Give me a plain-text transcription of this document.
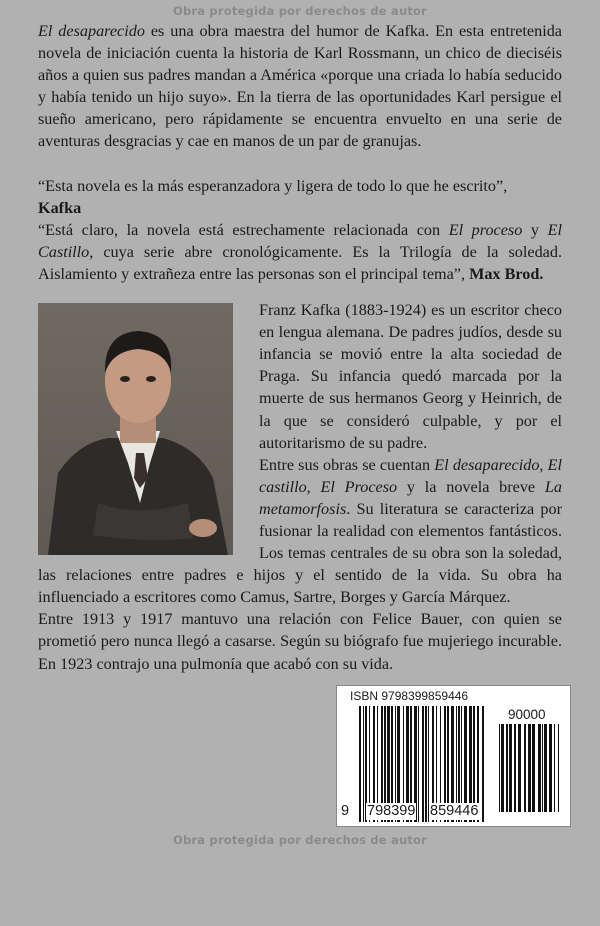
Obra protegida por derechos de autor

El desaparecido es una obra maestra del humor de Kafka. En esta entretenida novela de iniciación cuenta la historia de Karl Rossmann, un chico de dieciséis años a quien sus padres mandan a América «porque una criada lo había seducido y había tenido un hijo suyo». En la tierra de las oportunidades Karl persigue el sueño americano, pero rápidamente se encuentra envuelto en una serie de aventuras desgracias y cae en manos de un par de granujas.

“Esta novela es la más esperanzadora y ligera de todo lo que he escrito”,
Kafka

“Está claro, la novela está estrechamente relacionada con El proceso y El Castillo, cuya serie abre cronológicamente. Es la Trilogía de la soledad. Aislamiento y extrañeza entre las personas son el principal tema”, Max Brod.

Franz Kafka (1883-1924) es un escritor checo en lengua alemana. De padres judíos, desde su infancia se movió entre la alta sociedad de Praga. Su infancia quedó marcada por la muerte de sus hermanos Georg y Heinrich, de la que se consideró culpable, y por el autoritarismo de su padre.

Entre sus obras se cuentan El desaparecido, El castillo, El Proceso y la novela breve La metamorfosis. Su literatura se caracteriza por fusionar la realidad con elementos fantásticos. Los temas centrales de su obra son la soledad, las relaciones entre padres e hijos y el sentido de la vida. Su obra ha influenciado a escritores como Camus, Sartre, Borges y García Márquez.

Entre 1913 y 1917 mantuvo una relación con Felice Bauer, con quien se prometió pero nunca llegó a casarse. Según su biógrafo fue mujeriego incurable. En 1923 contrajo una pulmonía que acabó con su vida.

ISBN 9798399859446
90000
9 798399 859446
Obra protegida por derechos de autor
